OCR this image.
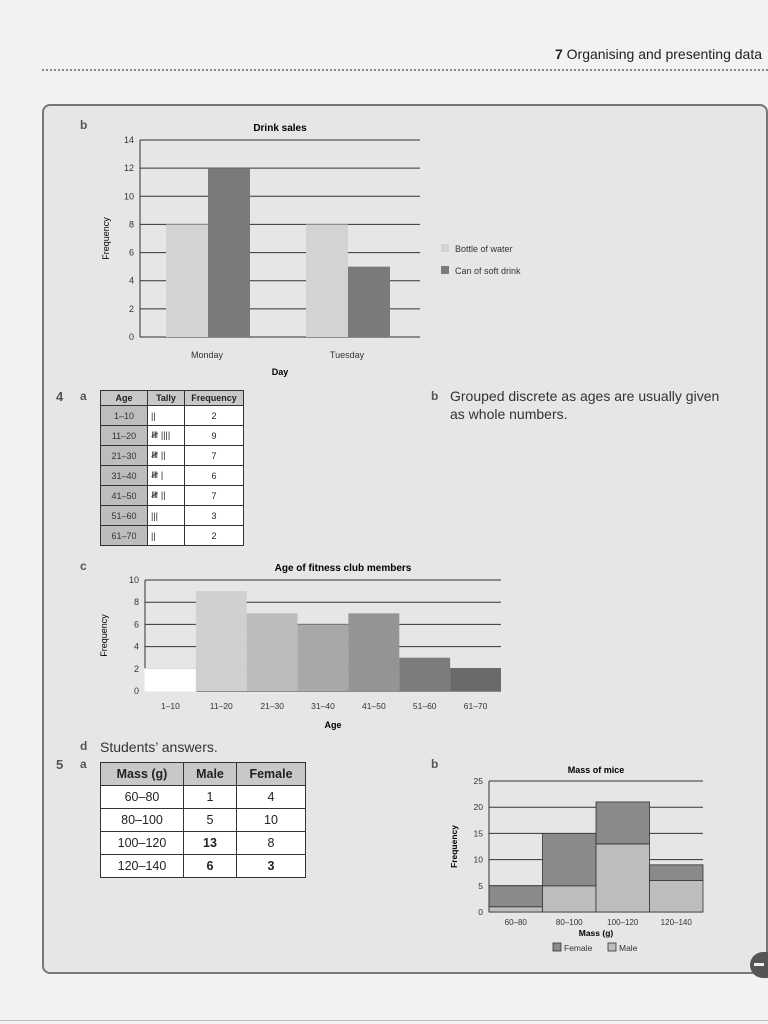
7 Organising and presenting data
b
4 a	b
c
d
5 a	b
Drink sales
0
2
4
6
8
10
12
14
Monday	Tuesday
Day
Frequency	Bottle of water
Can of soft drink
Age	Tally	Frequency
1–10	||	2
11–20	𝍸 ||||	9
21–30	𝍸 ||	7
31–40	𝍸 |	6
41–50	𝍸 ||	7
51–60	|||	3
61–70	||	2
Grouped discrete as ages are usually given as whole numbers.
Age of fitness club members
0
2
4
6
8
10
1–10	11–20	21–30	31–40	41–50	51–60	61–70
Age
Frequency
Students’ answers.
Mass (g)	Male	Female
60–80	1	4
80–100	5	10
100–120	13	8
120–140	6	3
Mass of mice
0
5
10
15
20
25
60–80	80–100	100–120	120–140
Mass (g)
Frequency
Female	Male
